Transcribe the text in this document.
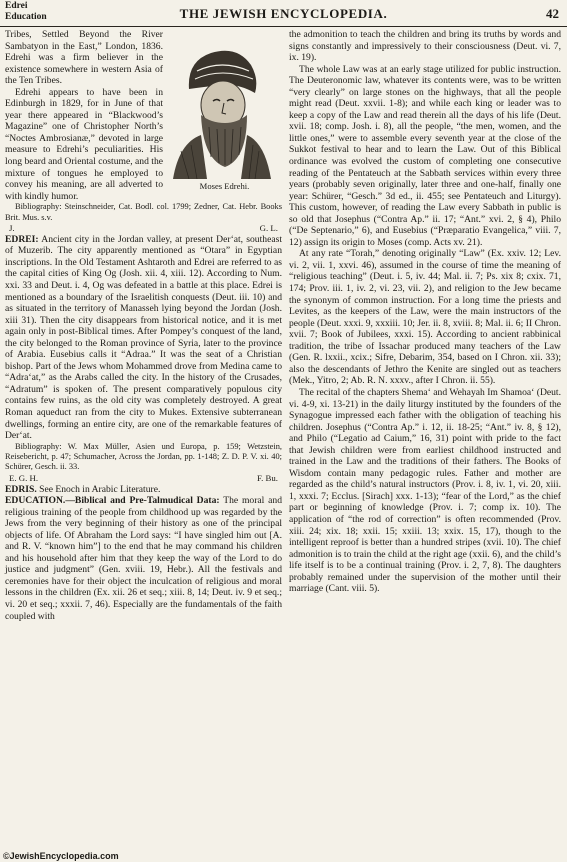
Edrei
Education	THE JEWISH ENCYCLOPEDIA.	42
Moses Edrehi.

Tribes, Settled Beyond the River Sambatyon in the East,” London, 1836. Edrehi was a firm believer in the existence somewhere in western Asia of the Ten Tribes.

Edrehi appears to have been in Edinburgh in 1829, for in June of that year there appeared in “Blackwood’s Magazine” one of Christopher North’s “Noctes Ambrosianæ,” devoted in large measure to Edrehi’s peculiarities. His long beard and Oriental costume, and the mixture of tongues he employed to convey his meaning, are all adverted to with kindly humor.

Bibliography: Steinschneider, Cat. Bodl. col. 1799; Zedner, Cat. Hebr. Books Brit. Mus. s.v.

J.	G. L.

EDREI: Ancient city in the Jordan valley, at present Der‘at, southeast of Muzerib. The city apparently mentioned as “Otara” in Egyptian inscriptions. In the Old Testament Ashtaroth and Edrei are referred to as the capital cities of King Og (Josh. xii. 4, xiii. 12). According to Num. xxi. 33 and Deut. i. 4, Og was defeated in a battle at this place. Edrei is mentioned as a boundary of the Israelitish conquests (Deut. iii. 10) and as situated in the territory of Manasseh lying beyond the Jordan (Josh. xiii 31). Then the city disappears from historical notice, and it is met again only in post-Biblical times. After Pompey’s conquest of the land, the city belonged to the Roman province of Syria, later to the province of Arabia. Eusebius calls it “Adraa.” It was the seat of a Christian bishop. Part of the Jews whom Mohammed drove from Medina came to “Adra‘at,” as the Arabs called the city. In the history of the Crusades, “Adratum” is spoken of. The present comparatively populous city contains few ruins, as the old city was completely destroyed. A great Roman aqueduct ran from the city to Mukes. Extensive subterranean dwellings, forming an entire city, are one of the remarkable features of Der‘at.

Bibliography: W. Max Müller, Asien und Europa, p. 159; Wetzstein, Reisebericht, p. 47; Schumacher, Across the Jordan, pp. 1-148; Z. D. P. V. xi. 40; Schürer, Gesch. ii. 33.

E. G. H.	F. Bu.

EDRIS. See Enoch in Arabic Literature.

EDUCATION.—Biblical and Pre-Talmudical Data: The moral and religious training of the people from childhood up was regarded by the Jews from the very beginning of their history as one of the principal objects of life. Of Abraham the Lord says: “I have singled him out [A. and R. V. “known him”] to the end that he may command his children and his household after him that they keep the way of the Lord to do justice and judgment” (Gen. xviii. 19, Hebr.). All the festivals and ceremonies have for their object the inculcation of religious and moral lessons in the children (Ex. xii. 26 et seq.; xiii. 8, 14; Deut. iv. 9 et seq.; vi. 20 et seq.; xxxii. 7, 46). Especially are the fundamentals of the faith coupled with

the admonition to teach the children and bring its truths by words and signs constantly and impressively to their consciousness (Deut. vi. 7, ix. 19).

The whole Law was at an early stage utilized for public instruction. The Deuteronomic law, whatever its contents were, was to be written “very clearly” on large stones on the highways, that all the people might read (Deut. xxvii. 1-8); and while each king or leader was to keep a copy of the Law and read therein all the days of his life (Deut. xvii. 18; comp. Josh. i. 8), all the people, “the men, women, and the little ones,” were to assemble every seventh year at the close of the Sukkot festival to hear and to learn the Law. Out of this Biblical ordinance was evolved the custom of completing one consecutive reading of the Pentateuch at the Sabbath services within every three years (probably seven originally, later three and one-half, finally one year: Schürer, “Gesch.” 3d ed., ii. 455; see Pentateuch and Liturgy). This custom, however, of reading the Law every Sabbath in public is so old that Josephus (“Contra Ap.” ii. 17; “Ant.” xvi. 2, § 4), Philo (“De Septenario,” 6), and Eusebius (“Præparatio Evangelica,” viii. 7, 12) assign its origin to Moses (comp. Acts xv. 21).

At any rate “Torah,” denoting originally “Law” (Ex. xxiv. 12; Lev. vi. 2, vii. 1, xxvi. 46), assumed in the course of time the meaning of “religious teaching” (Deut. i. 5, iv. 44; Mal. ii. 7; Ps. xix 8; cxix. 71, 174; Prov. iii. 1, iv. 2, vi. 23, vii. 2), and religion to the Jew became the synonym of common instruction. For a long time the priests and Levites, as the keepers of the Law, were the main instructors of the people (Deut. xxxi. 9, xxxiii. 10; Jer. ii. 8, xviii. 8; Mal. ii. 6; II Chron. xvii. 7; Book of Jubilees, xxxi. 15). According to ancient rabbinical tradition, the tribe of Issachar produced many teachers of the Law (Gen. R. lxxii., xcix.; Sifre, Debarim, 354, based on I Chron. xii. 33); also the descendants of Jethro the Kenite are singled out as teachers (Mek., Yitro, 2; Ab. R. N. xxxv., after I Chron. ii. 55).

The recital of the chapters Shema‘ and Wehayah Im Shamoa‘ (Deut. vi. 4-9, xi. 13-21) in the daily liturgy instituted by the founders of the Synagogue impressed each father with the obligation of teaching his children. Josephus (“Contra Ap.” i. 12, ii. 18-25; “Ant.” iv. 8, § 12), and Philo (“Legatio ad Caium,” 16, 31) point with pride to the fact that Jewish children were from earliest childhood instructed and trained in the Law and the traditions of their fathers. The Books of Wisdom contain many pedagogic rules. Father and mother are regarded as the child’s natural instructors (Prov. i. 8, iv. 1, vi. 20, xiii. 1, xxxi. 7; Ecclus. [Sirach] xxx. 1-13); “fear of the Lord,” as the chief part or beginning of knowledge (Prov. i. 7; comp ix. 10). The application of “the rod of correction” is often recommended (Prov. xiii. 24; xix. 18; xxii. 15; xxiii. 13; xxix. 15, 17), though to the intelligent reproof is better than a hundred stripes (xvii. 10). The chief admonition is to train the child at the right age (xxii. 6), and the child’s life itself is to be a continual training (Prov. i. 2, 7, 8). The daughters probably remained under the supervision of the mother until their marriage (Cant. viii. 5).

©JewishEncyclopedia.com
